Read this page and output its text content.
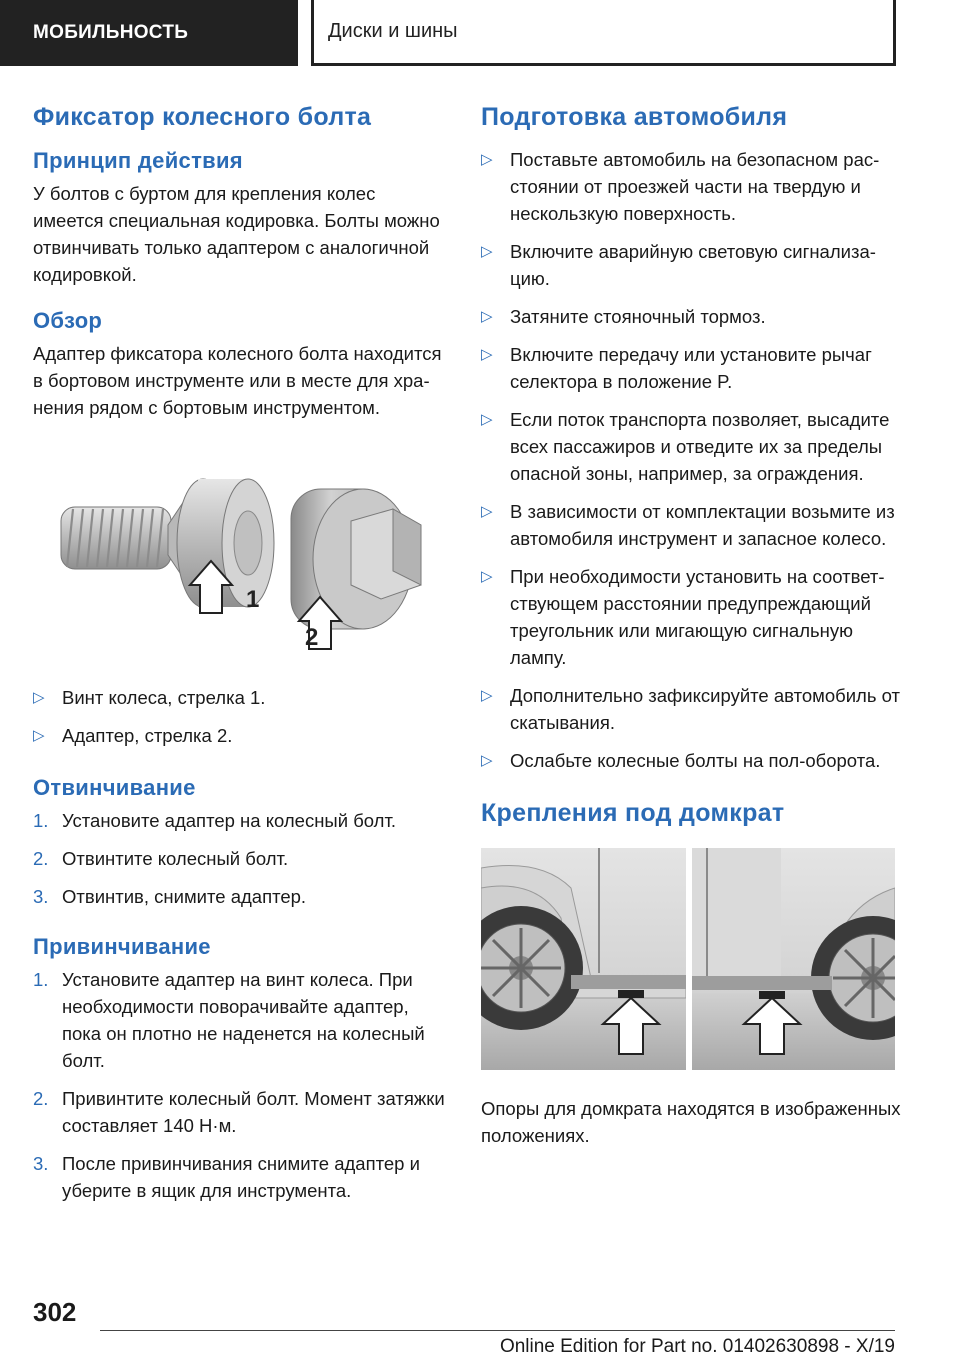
МОБИЛЬНОСТЬ	Диски и шины
Фиксатор колесного болта
Принцип действия

У болтов с буртом для крепления колес имеется специальная кодировка. Болты можно отвинчивать только адаптером с аналогичной кодировкой.

Обзор

Адаптер фиксатора колесного болта находится в бортовом инструменте или в месте для хранения рядом с бортовым инструментом.

1
2
▷ Винт колеса, стрелка 1.
▷ Адаптер, стрелка 2.
Отвинчивание
1. Установите адаптер на колесный болт.
2. Отвинтите колесный болт.
3. Отвинтив, снимите адаптер.
Привинчивание
1. Установите адаптер на винт колеса. При необходимости поворачивайте адаптер, пока он плотно не наденется на колесный болт.
2. Привинтите колесный болт. Момент затяжки составляет 140 Н·м.
3. После привинчивания снимите адаптер и уберите в ящик для инструмента.
Подготовка автомобиля
▷ Поставьте автомобиль на безопасном расстоянии от проезжей части на твердую и нескользкую поверхность.
▷ Включите аварийную световую сигнализацию.
▷ Затяните стояночный тормоз.
▷ Включите передачу или установите рычаг селектора в положение P.
▷ Если поток транспорта позволяет, высадите всех пассажиров и отведите их за пределы опасной зоны, например, за ограждения.
▷ В зависимости от комплектации возьмите из автомобиля инструмент и запасное колесо.
▷ При необходимости установить на соответствующем расстоянии предупреждающий треугольник или мигающую сигнальную лампу.
▷ Дополнительно зафиксируйте автомобиль от скатывания.
▷ Ослабьте колесные болты на пол-оборота.
Крепления под домкрат

Опоры для домкрата находятся в изображенных положениях.

302
Online Edition for Part no. 01402630898 - X/19
